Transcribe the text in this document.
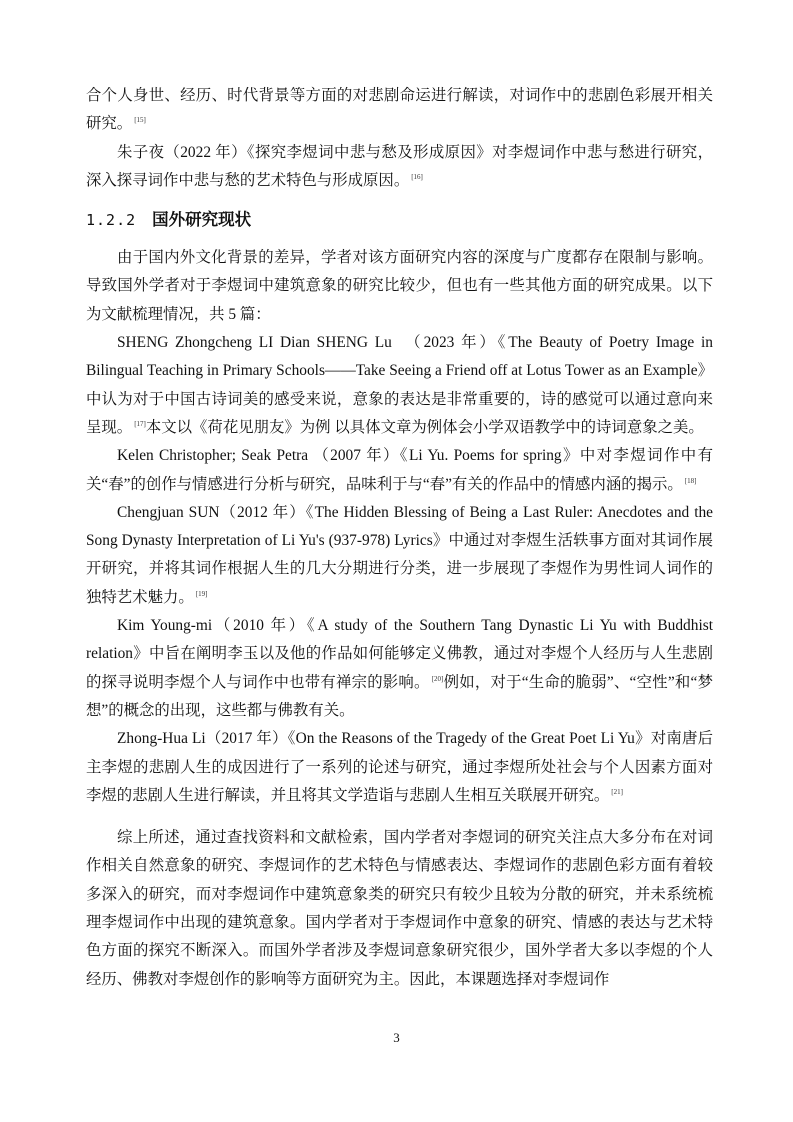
合个人身世、经历、时代背景等方面的对悲剧命运进行解读，对词作中的悲剧色彩展开相关研究。 [15]

朱子夜（2022 年）《探究李煜词中悲与愁及形成原因》对李煜词作中悲与愁进行研究，深入探寻词作中悲与愁的艺术特色与形成原因。 [16]

1.2.2 国外研究现状

由于国内外文化背景的差异，学者对该方面研究内容的深度与广度都存在限制与影响。导致国外学者对于李煜词中建筑意象的研究比较少，但也有一些其他方面的研究成果。以下为文献梳理情况，共 5 篇：

SHENG Zhongcheng LI Dian SHENG Lu　（2023 年）《The Beauty of Poetry Image in Bilingual Teaching in Primary Schools——Take Seeing a Friend off at Lotus Tower as an Example》中认为对于中国古诗词美的感受来说，意象的表达是非常重要的，诗的感觉可以通过意向来呈现。 [17]本文以《荷花见朋友》为例 以具体文章为例体会小学双语教学中的诗词意象之美。

Kelen Christopher; Seak Petra （2007 年）《Li Yu. Poems for spring》中对李煜词作中有关“春”的创作与情感进行分析与研究，品味利于与“春”有关的作品中的情感内涵的揭示。 [18]

Chengjuan SUN（2012 年）《The Hidden Blessing of Being a Last Ruler: Anecdotes and the Song Dynasty Interpretation of Li Yu's (937-978) Lyrics》中通过对李煜生活轶事方面对其词作展开研究，并将其词作根据人生的几大分期进行分类，进一步展现了李煜作为男性词人词作的独特艺术魅力。 [19]

Kim Young-mi（2010 年）《A study of the Southern Tang Dynastic Li Yu with Buddhist relation》中旨在阐明李玉以及他的作品如何能够定义佛教，通过对李煜个人经历与人生悲剧的探寻说明李煜个人与词作中也带有禅宗的影响。 [20]例如，对于“生命的脆弱”、“空性”和“梦想”的概念的出现，这些都与佛教有关。

Zhong-Hua Li（2017 年）《On the Reasons of the Tragedy of the Great Poet Li Yu》对南唐后主李煜的悲剧人生的成因进行了一系列的论述与研究，通过李煜所处社会与个人因素方面对李煜的悲剧人生进行解读，并且将其文学造诣与悲剧人生相互关联展开研究。 [21]

综上所述，通过查找资料和文献检索，国内学者对李煜词的研究关注点大多分布在对词作相关自然意象的研究、李煜词作的艺术特色与情感表达、李煜词作的悲剧色彩方面有着较多深入的研究，而对李煜词作中建筑意象类的研究只有较少且较为分散的研究，并未系统梳理李煜词作中出现的建筑意象。国内学者对于李煜词作中意象的研究、情感的表达与艺术特色方面的探究不断深入。而国外学者涉及李煜词意象研究很少，国外学者大多以李煜的个人经历、佛教对李煜创作的影响等方面研究为主。因此，本课题选择对李煜词作

3
